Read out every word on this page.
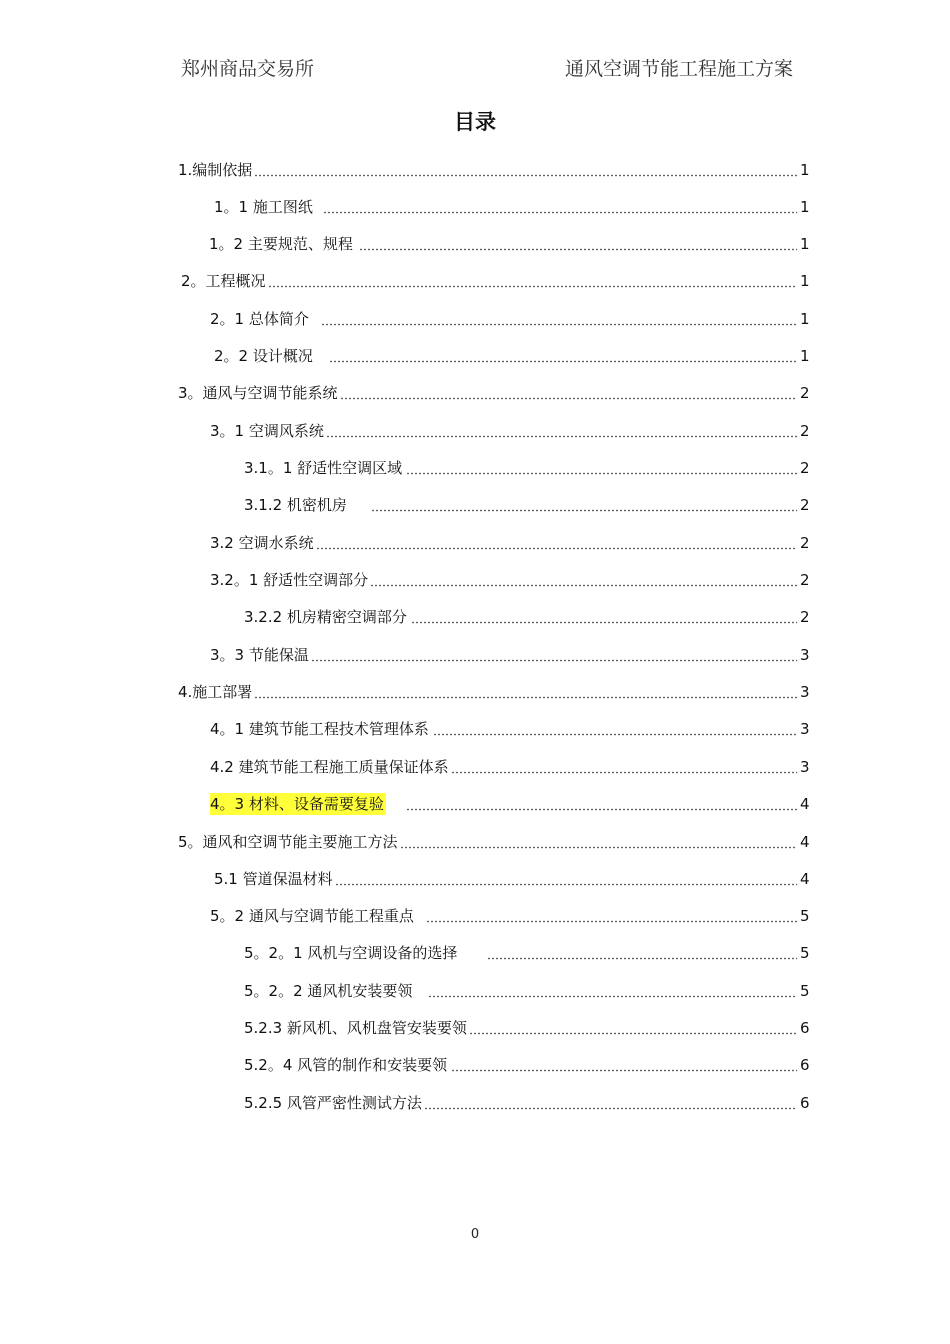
郑州商品交易所	通风空调节能工程施工方案
目录
1.编制依据	1
1。1 施工图纸	1
1。2 主要规范、规程	1
2。工程概况	1
2。1 总体简介	1
2。2 设计概况	1
3。通风与空调节能系统	2
3。1 空调风系统	2
3.1。1 舒适性空调区域	2
3.1.2 机密机房	2
3.2 空调水系统	2
3.2。1 舒适性空调部分	2
3.2.2 机房精密空调部分	2
3。3 节能保温	3
4.施工部署	3
4。1 建筑节能工程技术管理体系	3
4.2 建筑节能工程施工质量保证体系	3
4。3 材料、设备需要复验	4
5。通风和空调节能主要施工方法	4
5.1 管道保温材料	4
5。2 通风与空调节能工程重点	5
5。2。1 风机与空调设备的选择	5
5。2。2 通风机安装要领	5
5.2.3 新风机、风机盘管安装要领	6
5.2。4 风管的制作和安装要领	6
5.2.5 风管严密性测试方法	6
0
